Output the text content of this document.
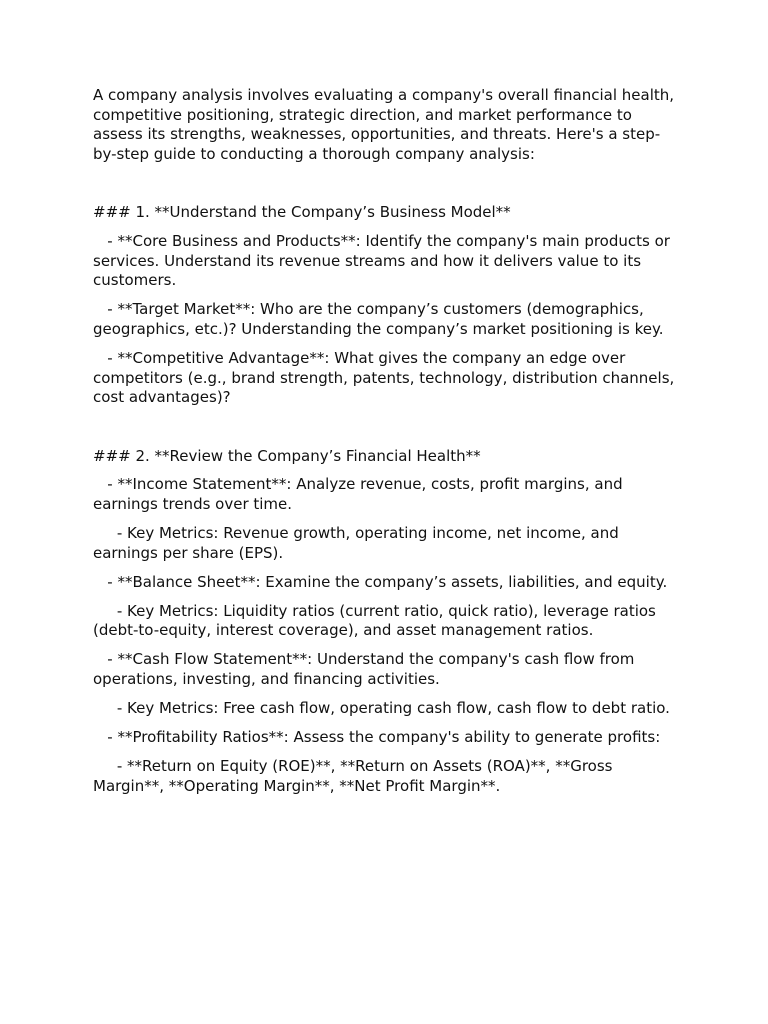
A company analysis involves evaluating a company's overall financial health, competitive positioning, strategic direction, and market performance to assess its strengths, weaknesses, opportunities, and threats. Here's a step-by-step guide to conducting a thorough company analysis:

### 1. **Understand the Company’s Business Model**

- **Core Business and Products**: Identify the company's main products or services. Understand its revenue streams and how it delivers value to its customers.

- **Target Market**: Who are the company’s customers (demographics, geographics, etc.)? Understanding the company’s market positioning is key.

- **Competitive Advantage**: What gives the company an edge over competitors (e.g., brand strength, patents, technology, distribution channels, cost advantages)?

### 2. **Review the Company’s Financial Health**

- **Income Statement**: Analyze revenue, costs, profit margins, and earnings trends over time.

- Key Metrics: Revenue growth, operating income, net income, and earnings per share (EPS).

- **Balance Sheet**: Examine the company’s assets, liabilities, and equity.

- Key Metrics: Liquidity ratios (current ratio, quick ratio), leverage ratios (debt-to-equity, interest coverage), and asset management ratios.

- **Cash Flow Statement**: Understand the company's cash flow from operations, investing, and financing activities.

- Key Metrics: Free cash flow, operating cash flow, cash flow to debt ratio.

- **Profitability Ratios**: Assess the company's ability to generate profits:

- **Return on Equity (ROE)**, **Return on Assets (ROA)**, **Gross Margin**, **Operating Margin**, **Net Profit Margin**.
